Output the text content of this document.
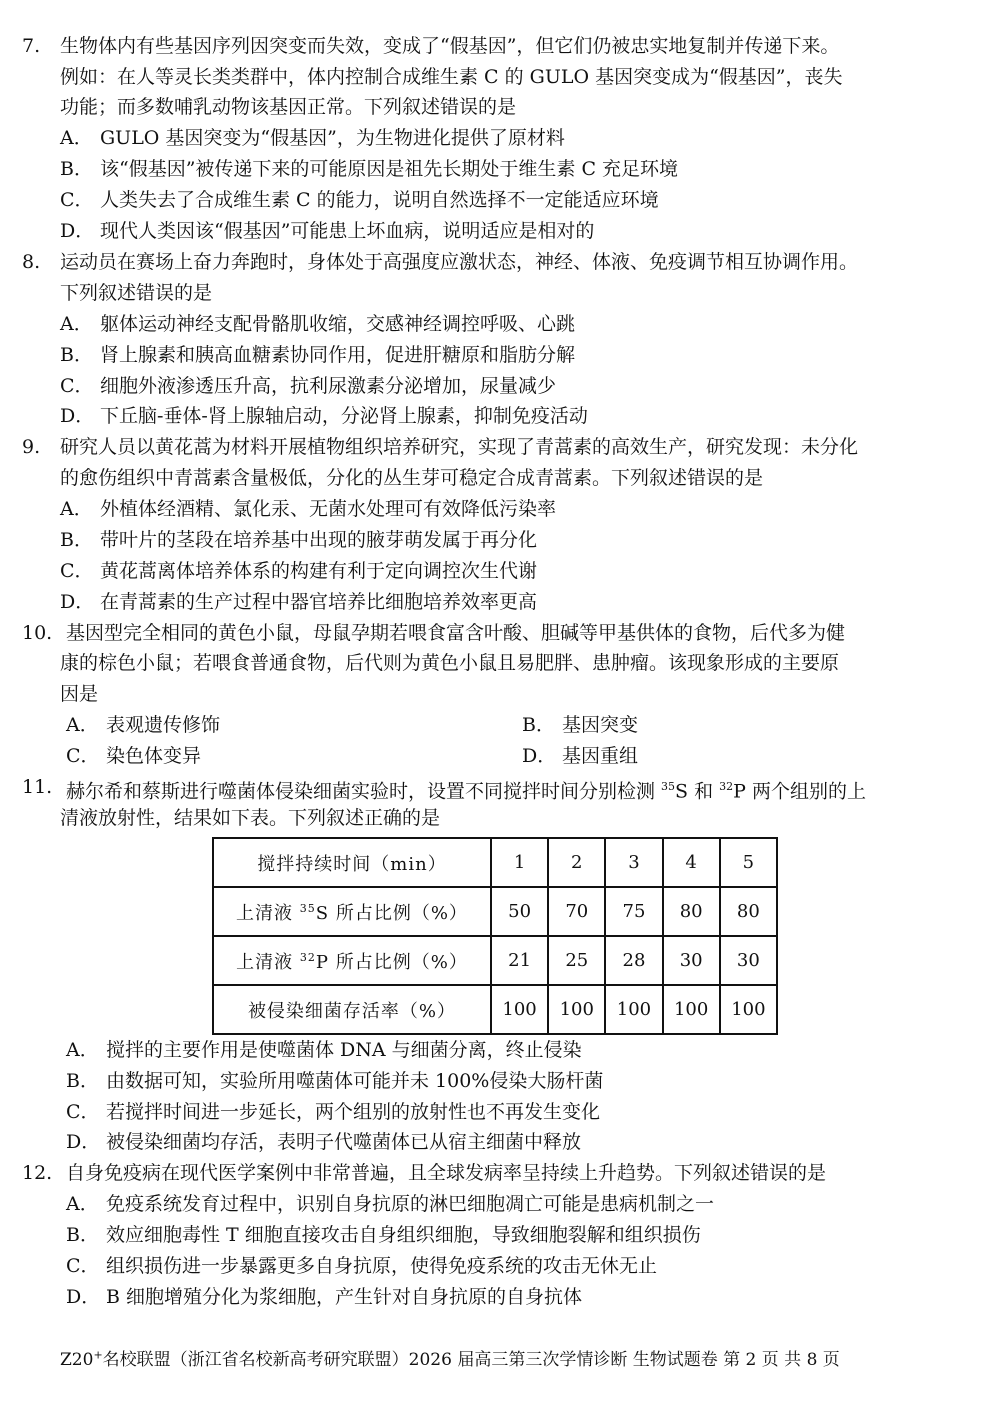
7. 生物体内有些基因序列因突变而失效，变成了“假基因”，但它们仍被忠实地复制并传递下来。
例如：在人等灵长类类群中，体内控制合成维生素 C 的 GULO 基因突变成为“假基因”，丧失
功能；而多数哺乳动物该基因正常。下列叙述错误的是
A． GULO 基因突变为“假基因”，为生物进化提供了原材料
B． 该“假基因”被传递下来的可能原因是祖先长期处于维生素 C 充足环境
C． 人类失去了合成维生素 C 的能力，说明自然选择不一定能适应环境
D． 现代人类因该“假基因”可能患上坏血病，说明适应是相对的
8. 运动员在赛场上奋力奔跑时，身体处于高强度应激状态，神经、体液、免疫调节相互协调作用。
下列叙述错误的是
A． 躯体运动神经支配骨骼肌收缩，交感神经调控呼吸、心跳
B． 肾上腺素和胰高血糖素协同作用，促进肝糖原和脂肪分解
C． 细胞外液渗透压升高，抗利尿激素分泌增加，尿量减少
D． 下丘脑-垂体-肾上腺轴启动，分泌肾上腺素，抑制免疫活动
9. 研究人员以黄花蒿为材料开展植物组织培养研究，实现了青蒿素的高效生产，研究发现：未分化
的愈伤组织中青蒿素含量极低，分化的丛生芽可稳定合成青蒿素。下列叙述错误的是
A． 外植体经酒精、氯化汞、无菌水处理可有效降低污染率
B． 带叶片的茎段在培养基中出现的腋芽萌发属于再分化
C． 黄花蒿离体培养体系的构建有利于定向调控次生代谢
D． 在青蒿素的生产过程中器官培养比细胞培养效率更高
10. 基因型完全相同的黄色小鼠，母鼠孕期若喂食富含叶酸、胆碱等甲基供体的食物，后代多为健
康的棕色小鼠；若喂食普通食物，后代则为黄色小鼠且易肥胖、患肿瘤。该现象形成的主要原
因是
A． 表观遗传修饰	B． 基因突变
C． 染色体变异	D． 基因重组
11. 赫尔希和蔡斯进行噬菌体侵染细菌实验时，设置不同搅拌时间分别检测 $^{35}$S 和 $^{32}$P 两个组别的上
清液放射性，结果如下表。下列叙述正确的是
搅拌持续时间（min）	1	2	3	4	5
上清液 $^{35}$S 所占比例（%）	50	70	75	80	80
上清液 $^{32}$P 所占比例（%）	21	25	28	30	30
被侵染细菌存活率（%）	100	100	100	100	100
A． 搅拌的主要作用是使噬菌体 DNA 与细菌分离，终止侵染
B． 由数据可知，实验所用噬菌体可能并未 100%侵染大肠杆菌
C． 若搅拌时间进一步延长，两个组别的放射性也不再发生变化
D． 被侵染细菌均存活，表明子代噬菌体已从宿主细菌中释放
12. 自身免疫病在现代医学案例中非常普遍，且全球发病率呈持续上升趋势。下列叙述错误的是
A． 免疫系统发育过程中，识别自身抗原的淋巴细胞凋亡可能是患病机制之一
B． 效应细胞毒性 T 细胞直接攻击自身组织细胞，导致细胞裂解和组织损伤
C． 组织损伤进一步暴露更多自身抗原，使得免疫系统的攻击无休无止
D． B 细胞增殖分化为浆细胞，产生针对自身抗原的自身抗体
Z20+名校联盟（浙江省名校新高考研究联盟）2026 届高三第三次学情诊断 生物试题卷 第 2 页 共 8 页
